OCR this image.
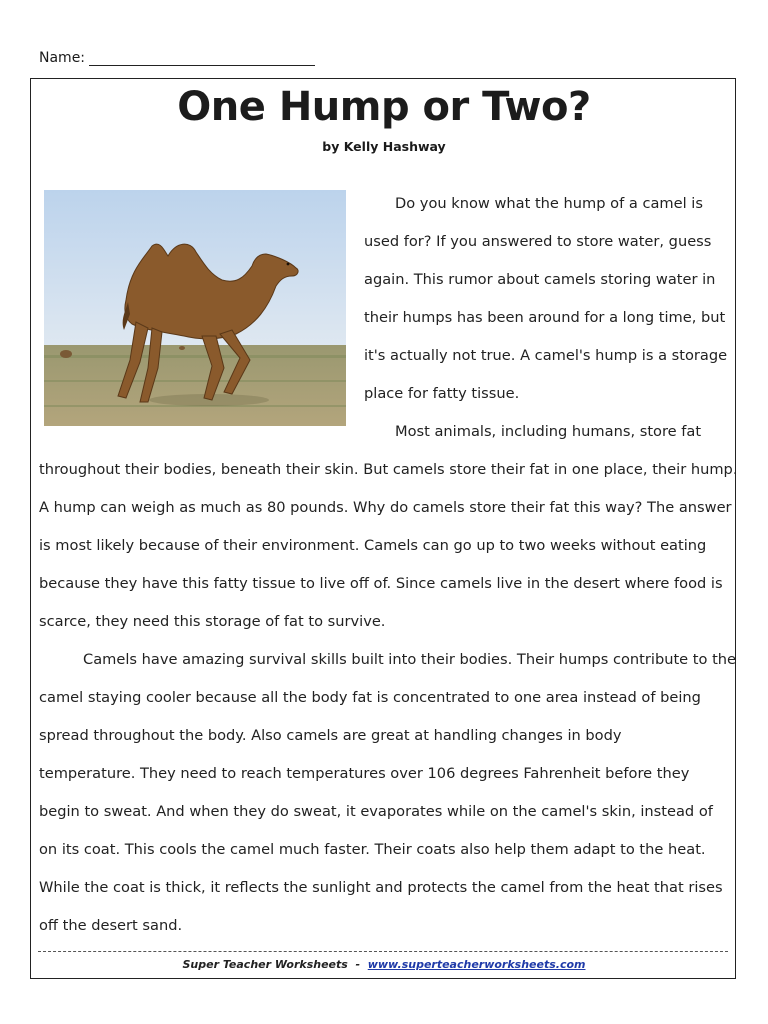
Name:
One Hump or Two?
by Kelly Hashway
Do you know what the hump of a camel is
used for? If you answered to store water, guess
again. This rumor about camels storing water in
their humps has been around for a long time, but
it's actually not true. A camel's hump is a storage
place for fatty tissue.
Most animals, including humans, store fat
throughout their bodies, beneath their skin. But camels store their fat in one place, their hump.
A hump can weigh as much as 80 pounds. Why do camels store their fat this way? The answer
is most likely because of their environment. Camels can go up to two weeks without eating
because they have this fatty tissue to live off of. Since camels live in the desert where food is
scarce, they need this storage of fat to survive.
Camels have amazing survival skills built into their bodies. Their humps contribute to the
camel staying cooler because all the body fat is concentrated to one area instead of being
spread throughout the body. Also camels are great at handling changes in body
temperature. They need to reach temperatures over 106 degrees Fahrenheit before they
begin to sweat. And when they do sweat, it evaporates while on the camel's skin, instead of
on its coat. This cools the camel much faster. Their coats also help them adapt to the heat.
While the coat is thick, it reflects the sunlight and protects the camel from the heat that rises
off the desert sand.
Super Teacher Worksheets - www.superteacherworksheets.com
